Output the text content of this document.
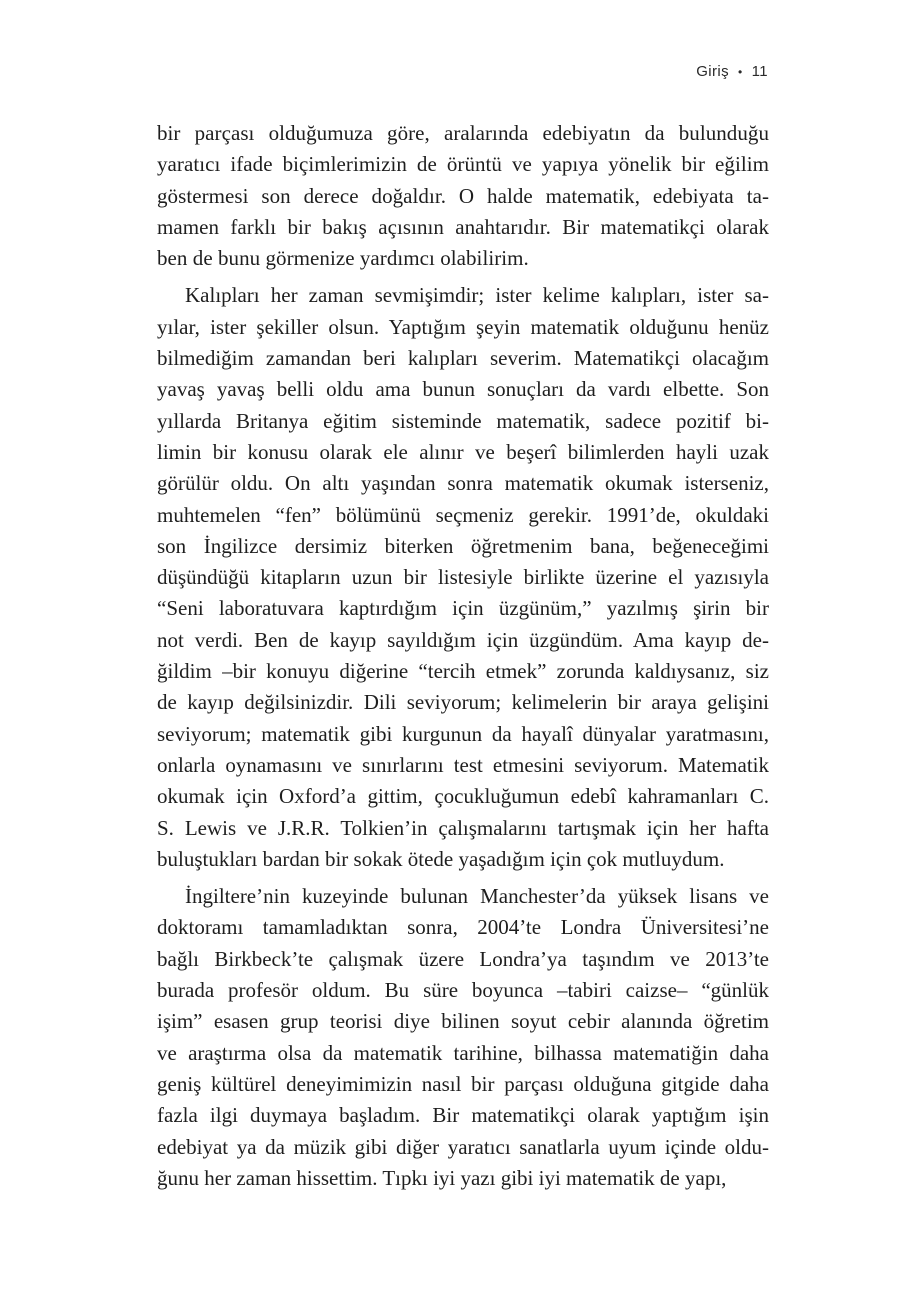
Giriş • 11

bir parçası olduğumuza göre, aralarında edebiyatın da bulunduğu
yaratıcı ifade biçimlerimizin de örüntü ve yapıya yönelik bir eğilim
göstermesi son derece doğaldır. O halde matematik, edebiyata ta-
mamen farklı bir bakış açısının anahtarıdır. Bir matematikçi olarak
ben de bunu görmenize yardımcı olabilirim.

Kalıpları her zaman sevmişimdir; ister kelime kalıpları, ister sa-
yılar, ister şekiller olsun. Yaptığım şeyin matematik olduğunu henüz
bilmediğim zamandan beri kalıpları severim. Matematikçi olacağım
yavaş yavaş belli oldu ama bunun sonuçları da vardı elbette. Son
yıllarda Britanya eğitim sisteminde matematik, sadece pozitif bi-
limin bir konusu olarak ele alınır ve beşerî bilimlerden hayli uzak
görülür oldu. On altı yaşından sonra matematik okumak isterseniz,
muhtemelen “fen” bölümünü seçmeniz gerekir. 1991’de, okuldaki
son İngilizce dersimiz biterken öğretmenim bana, beğeneceğimi
düşündüğü kitapların uzun bir listesiyle birlikte üzerine el yazısıyla
“Seni laboratuvara kaptırdığım için üzgünüm,” yazılmış şirin bir
not verdi. Ben de kayıp sayıldığım için üzgündüm. Ama kayıp de-
ğildim –bir konuyu diğerine “tercih etmek” zorunda kaldıysanız, siz
de kayıp değilsinizdir. Dili seviyorum; kelimelerin bir araya gelişini
seviyorum; matematik gibi kurgunun da hayalî dünyalar yaratmasını,
onlarla oynamasını ve sınırlarını test etmesini seviyorum. Matematik
okumak için Oxford’a gittim, çocukluğumun edebî kahramanları C.
S. Lewis ve J.R.R. Tolkien’in çalışmalarını tartışmak için her hafta
buluştukları bardan bir sokak ötede yaşadığım için çok mutluydum.

İngiltere’nin kuzeyinde bulunan Manchester’da yüksek lisans ve
doktoramı tamamladıktan sonra, 2004’te Londra Üniversitesi’ne
bağlı Birkbeck’te çalışmak üzere Londra’ya taşındım ve 2013’te
burada profesör oldum. Bu süre boyunca –tabiri caizse– “günlük
işim” esasen grup teorisi diye bilinen soyut cebir alanında öğretim
ve araştırma olsa da matematik tarihine, bilhassa matematiğin daha
geniş kültürel deneyimimizin nasıl bir parçası olduğuna gitgide daha
fazla ilgi duymaya başladım. Bir matematikçi olarak yaptığım işin
edebiyat ya da müzik gibi diğer yaratıcı sanatlarla uyum içinde oldu-
ğunu her zaman hissettim. Tıpkı iyi yazı gibi iyi matematik de yapı,
